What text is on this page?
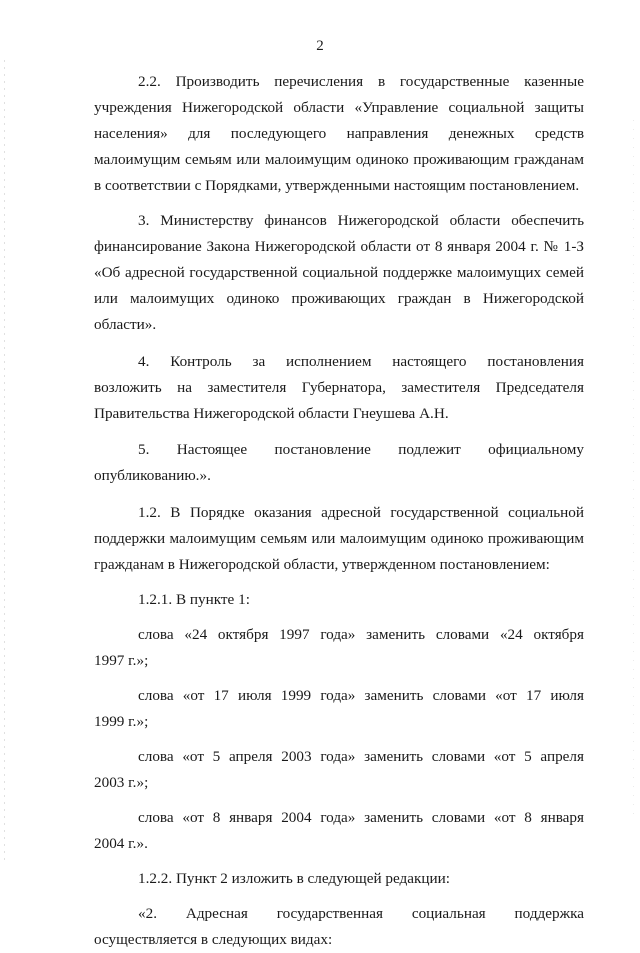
2
2.2. Производить перечисления в государственные казенные
учреждения Нижегородской области «Управление социальной защиты
населения» для последующего направления денежных средств
малоимущим семьям или малоимущим одиноко проживающим гражданам
в соответствии с Порядками, утвержденными настоящим постановлением.
3. Министерству финансов Нижегородской области обеспечить
финансирование Закона Нижегородской области от 8 января 2004 г. № 1-З
«Об адресной государственной социальной поддержке малоимущих семей
или малоимущих одиноко проживающих граждан в Нижегородской
области».
4. Контроль за исполнением настоящего постановления
возложить на заместителя Губернатора, заместителя Председателя
Правительства Нижегородской области Гнеушева А.Н.
5. Настоящее постановление подлежит официальному
опубликованию.».
1.2. В Порядке оказания адресной государственной социальной
поддержки малоимущим семьям или малоимущим одиноко проживающим
гражданам в Нижегородской области, утвержденном постановлением:
1.2.1. В пункте 1:
слова «24 октября 1997 года» заменить словами «24 октября
1997 г.»;
слова «от 17 июля 1999 года» заменить словами «от 17 июля
1999 г.»;
слова «от 5 апреля 2003 года» заменить словами «от 5 апреля
2003 г.»;
слова «от 8 января 2004 года» заменить словами «от 8 января
2004 г.».
1.2.2. Пункт 2 изложить в следующей редакции:
«2. Адресная государственная социальная поддержка
осуществляется в следующих видах:
